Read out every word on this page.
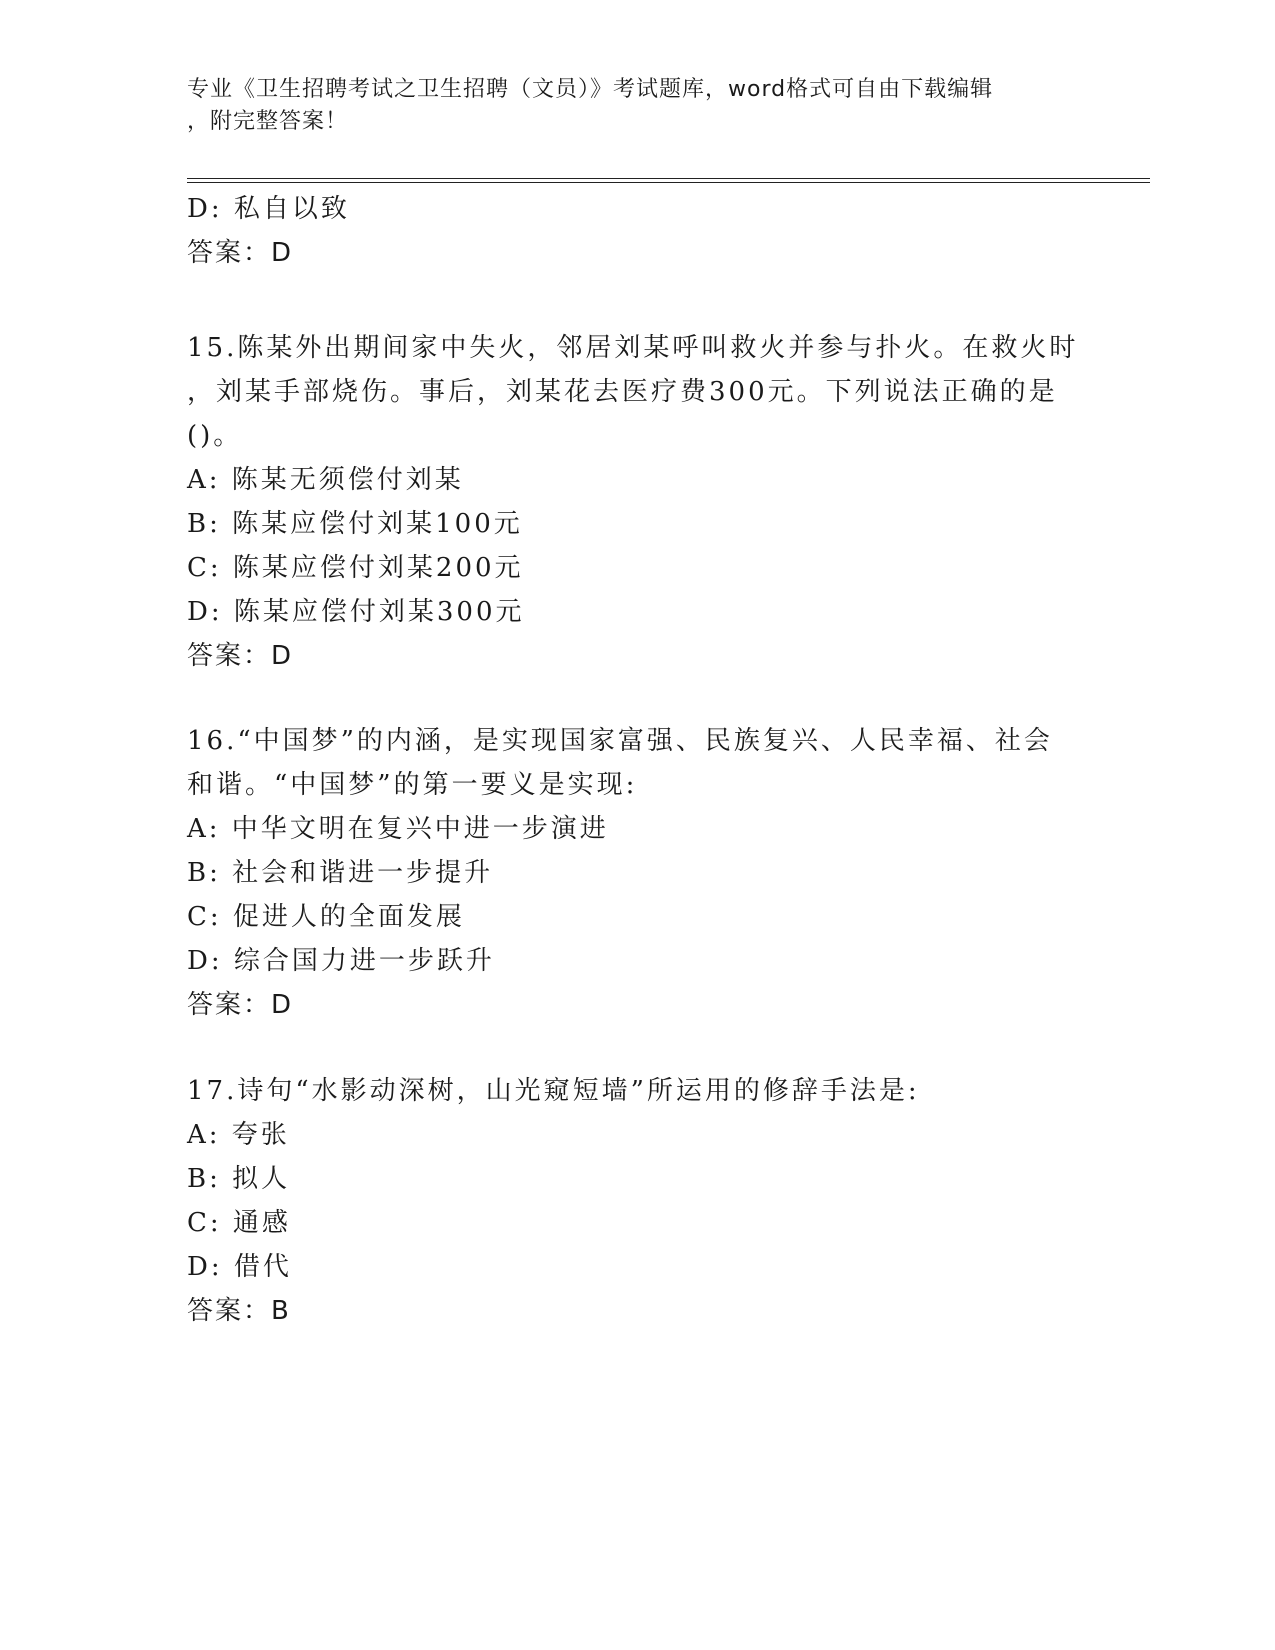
专业《卫生招聘考试之卫生招聘（文员）》考试题库，word格式可自由下载编辑
，附完整答案！
D: 私自以致
答案：D
15.陈某外出期间家中失火，邻居刘某呼叫救火并参与扑火。在救火时
，刘某手部烧伤。事后，刘某花去医疗费300元。下列说法正确的是
()。
A: 陈某无须偿付刘某
B: 陈某应偿付刘某100元
C: 陈某应偿付刘某200元
D: 陈某应偿付刘某300元
答案：D
16.“中国梦”的内涵，是实现国家富强、民族复兴、人民幸福、社会
和谐。“中国梦”的第一要义是实现:
A: 中华文明在复兴中进一步演进
B: 社会和谐进一步提升
C: 促进人的全面发展
D: 综合国力进一步跃升
答案：D
17.诗句“水影动深树，山光窥短墙”所运用的修辞手法是:
A: 夸张
B: 拟人
C: 通感
D: 借代
答案：B
